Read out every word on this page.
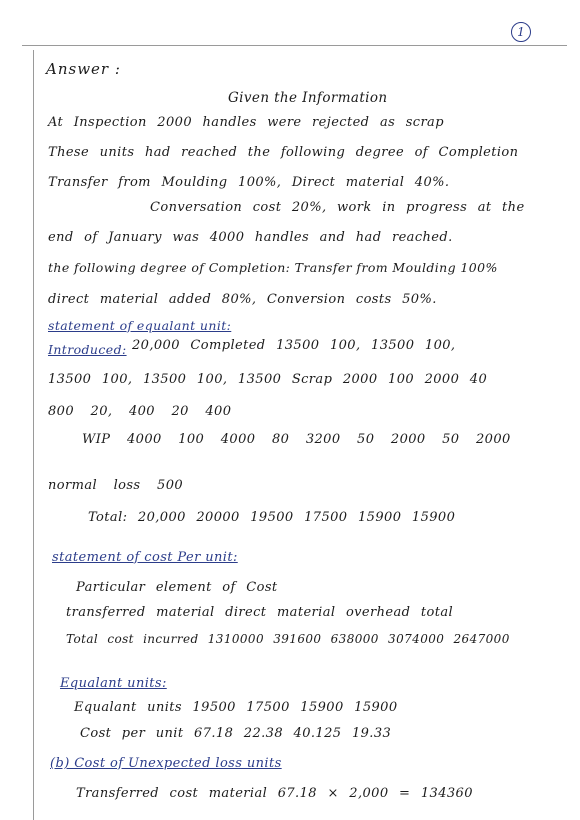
1
Answer :
Given the Information
At Inspection 2000 handles were rejected as scrap
These units had reached the following degree of Completion
Transfer from Moulding 100%, Direct material 40%.
Conversation cost 20%, work in progress at the
end of January was 4000 handles and had reached.
the following degree of Completion: Transfer from Moulding 100%
direct material added 80%, Conversion costs 50%.
statement of equalant unit:
Introduced: 20,000 Completed 13500 100, 13500 100,
13500 100, 13500 100, 13500 Scrap 2000 100 2000 40
800 20, 400 20 400
WIP 4000 100 4000 80 3200 50 2000 50 2000
normal loss 500
Total: 20,000 20000 19500 17500 15900 15900
statement of cost Per unit:
Particular element of Cost
transferred material direct material overhead total
Total cost incurred 1310000 391600 638000 3074000 2647000
Equalant units:
Equalant units 19500 17500 15900 15900
Cost per unit 67.18 22.38 40.125 19.33
(b) Cost of Unexpected loss units
Transferred cost material 67.18 × 2,000 = 134360
